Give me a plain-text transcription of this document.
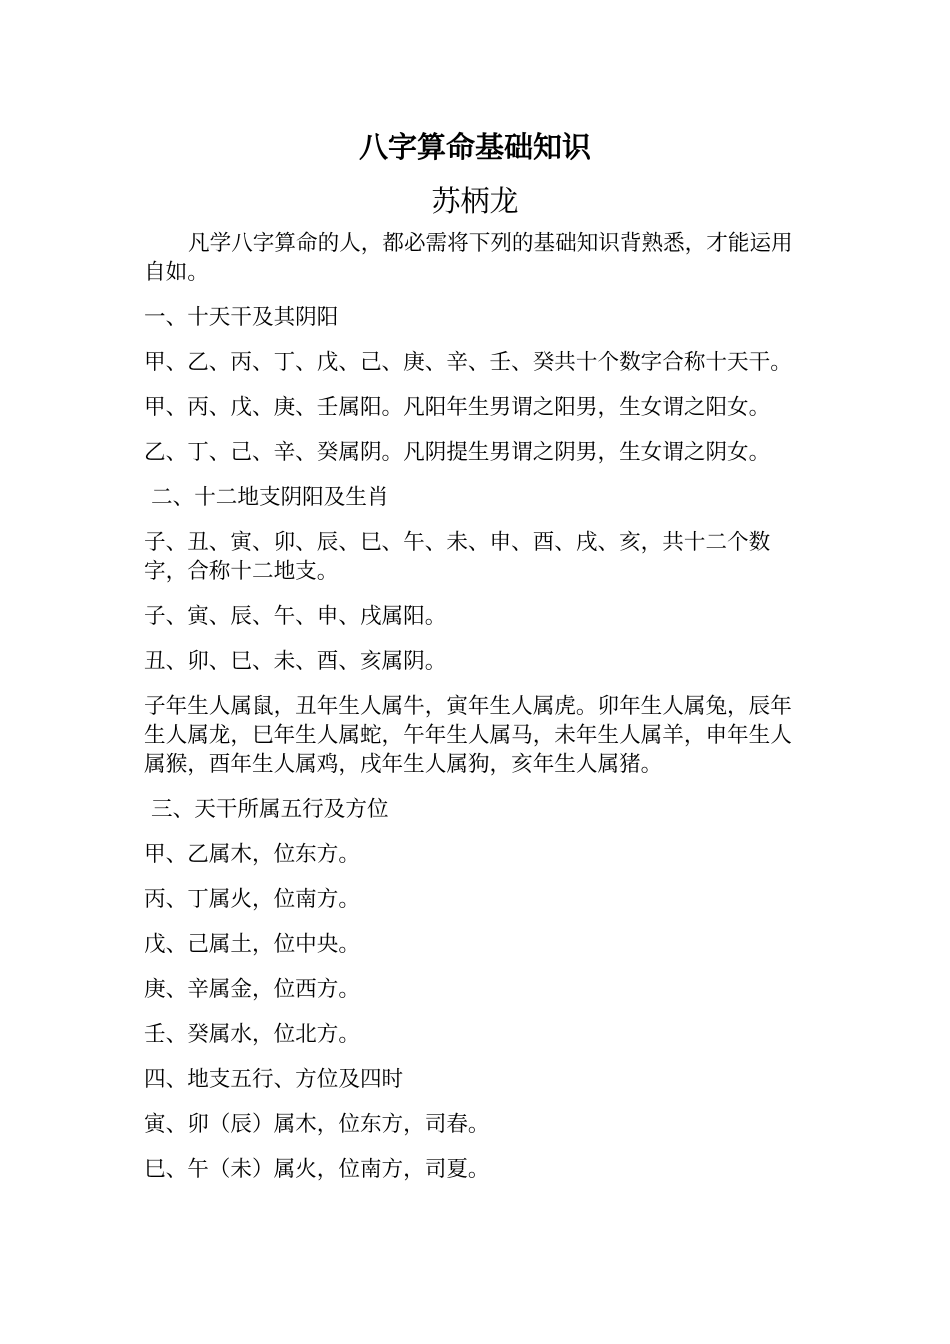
八字算命基础知识
苏柄龙

凡学八字算命的人，都必需将下列的基础知识背熟悉，才能运用自如。

一、十天干及其阴阳

甲、乙、丙、丁、戊、己、庚、辛、壬、癸共十个数字合称十天干。

甲、丙、戊、庚、壬属阳。凡阳年生男谓之阳男，生女谓之阳女。

乙、丁、己、辛、癸属阴。凡阴提生男谓之阴男，生女谓之阴女。

二、十二地支阴阳及生肖

子、丑、寅、卯、辰、巳、午、未、申、酉、戌、亥，共十二个数字，合称十二地支。

子、寅、辰、午、申、戌属阳。

丑、卯、巳、未、酉、亥属阴。

子年生人属鼠，丑年生人属牛，寅年生人属虎。卯年生人属兔，辰年生人属龙，巳年生人属蛇，午年生人属马，未年生人属羊，申年生人属猴，酉年生人属鸡，戌年生人属狗，亥年生人属猪。

三、天干所属五行及方位

甲、乙属木，位东方。

丙、丁属火，位南方。

戊、己属土，位中央。

庚、辛属金，位西方。

壬、癸属水，位北方。

四、地支五行、方位及四时

寅、卯（辰）属木，位东方，司春。

巳、午（未）属火，位南方，司夏。
